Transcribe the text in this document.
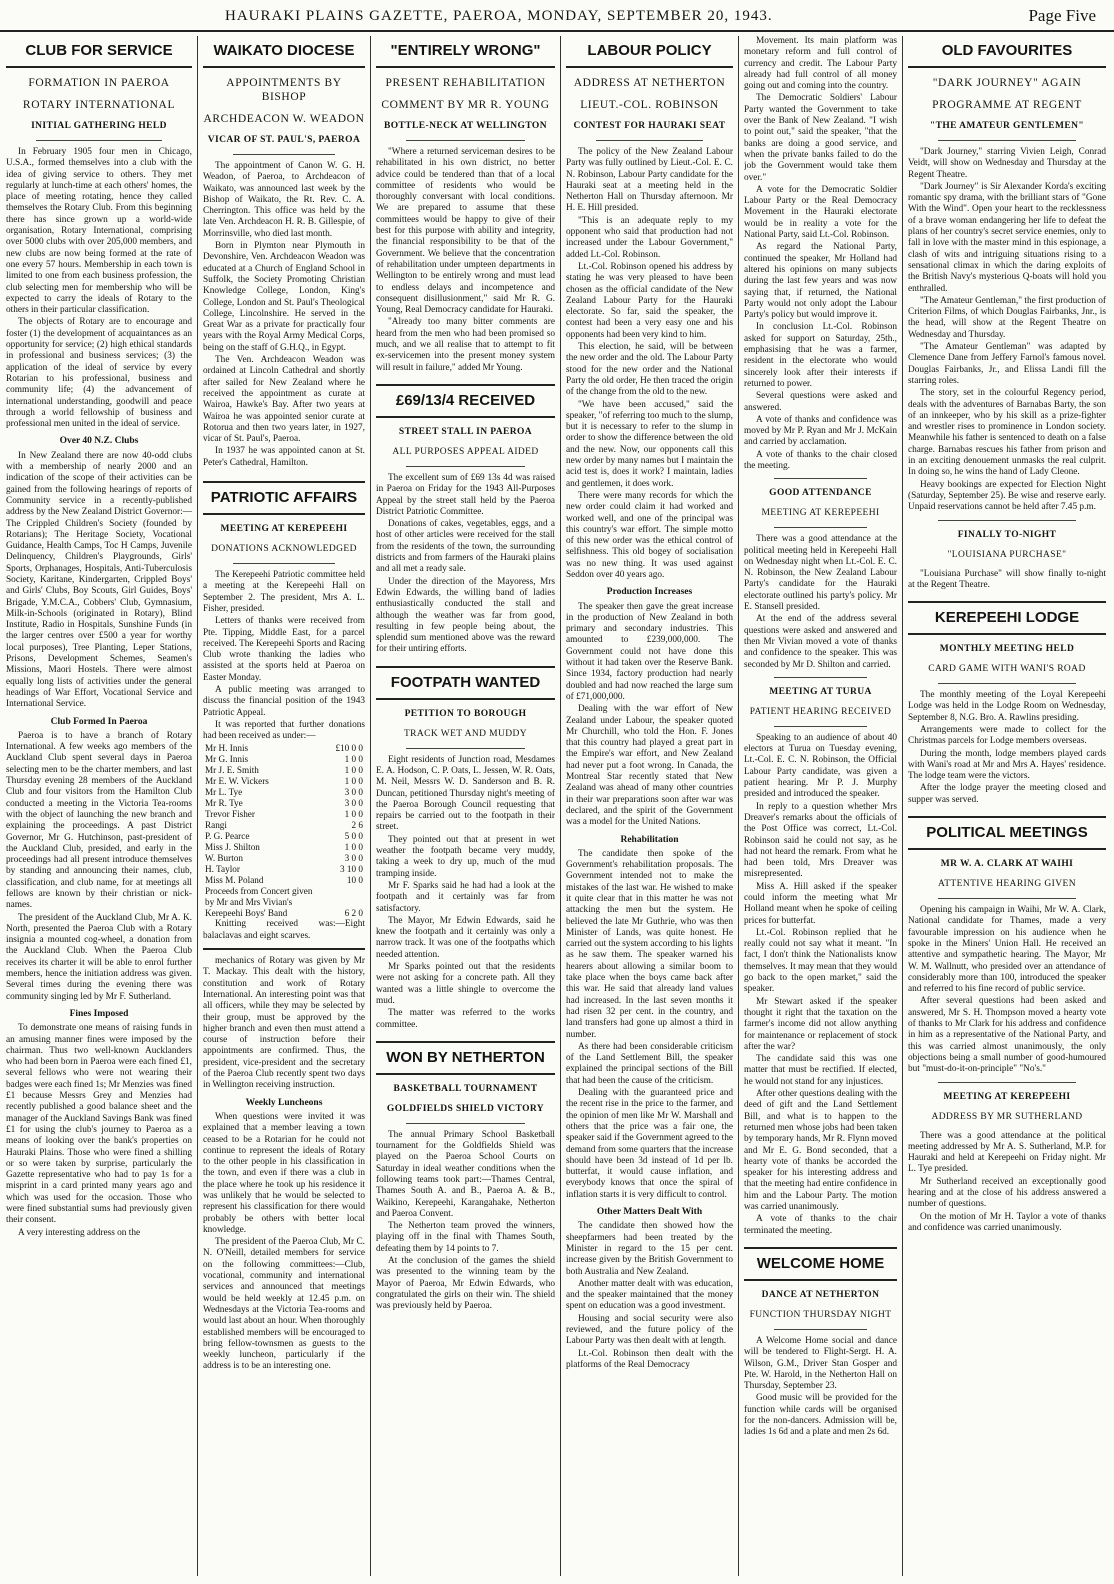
HAURAKI PLAINS GAZETTE, PAEROA, MONDAY, SEPTEMBER 20, 1943.	Page Five
CLUB FOR SERVICE
FORMATION IN PAEROA
ROTARY INTERNATIONAL
INITIAL GATHERING HELD

In February 1905 four men in Chicago, U.S.A., formed themselves into a club with the idea of giving service to others. They met regularly at lunch-time at each others' homes, the place of meeting rotating, hence they called themselves the Rotary Club. From this beginning there has since grown up a world-wide organisation, Rotary International, comprising over 5000 clubs with over 205,000 members, and new clubs are now being formed at the rate of one every 57 hours. Membership in each town is limited to one from each business profession, the club selecting men for membership who will be expected to carry the ideals of Rotary to the others in their particular classification.

The objects of Rotary are to encourage and foster (1) the development of acquaintances as an opportunity for service; (2) high ethical standards in professional and business services; (3) the application of the ideal of service by every Rotarian to his professional, business and community life; (4) the advancement of international understanding, goodwill and peace through a world fellowship of business and professional men united in the ideal of service.

Over 40 N.Z. Clubs

In New Zealand there are now 40-odd clubs with a membership of nearly 2000 and an indication of the scope of their activities can be gained from the following hearings of reports of Community service in a recently-published address by the New Zealand District Governor:—The Crippled Children's Society (founded by Rotarians); The Heritage Society, Vocational Guidance, Health Camps, Toc H Camps, Juvenile Delinquency, Children's Playgrounds, Girls' Sports, Orphanages, Hospitals, Anti-Tuberculosis Society, Karitane, Kindergarten, Crippled Boys' and Girls' Clubs, Boy Scouts, Girl Guides, Boys' Brigade, Y.M.C.A., Cobbers' Club, Gymnasium, Milk-in-Schools (originated in Rotary), Blind Institute, Radio in Hospitals, Sunshine Funds (in the larger centres over £500 a year for worthy local purposes), Tree Planting, Leper Stations, Prisons, Development Schemes, Seamen's Missions, Maori Hostels. There were almost equally long lists of activities under the general headings of War Effort, Vocational Service and International Service.

Club Formed In Paeroa

Paeroa is to have a branch of Rotary International. A few weeks ago members of the Auckland Club spent several days in Paeroa selecting men to be the charter members, and last Thursday evening 28 members of the Auckland Club and four visitors from the Hamilton Club conducted a meeting in the Victoria Tea-rooms with the object of launching the new branch and explaining the proceedings. A past District Governor, Mr G. Hutchinson, past-president of the Auckland Club, presided, and early in the proceedings had all present introduce themselves by standing and announcing their names, club, classification, and club name, for at meetings all fellows are known by their christian or nick-names.

The president of the Auckland Club, Mr A. K. North, presented the Paeroa Club with a Rotary insignia a mounted cog-wheel, a donation from the Auckland Club. When the Paeroa Club receives its charter it will be able to enrol further members, hence the initiation address was given. Several times during the evening there was community singing led by Mr F. Sutherland.

Fines Imposed

To demonstrate one means of raising funds in an amusing manner fines were imposed by the chairman. Thus two well-known Aucklanders who had been born in Paeroa were each fined £1, several fellows who were not wearing their badges were each fined 1s; Mr Menzies was fined £1 because Messrs Grey and Menzies had recently published a good balance sheet and the manager of the Auckland Savings Bank was fined £1 for using the club's journey to Paeroa as a means of looking over the bank's properties on Hauraki Plains. Those who were fined a shilling or so were taken by surprise, particularly the Gazette representative who had to pay 1s for a misprint in a card printed many years ago and which was used for the occasion. Those who were fined substantial sums had previously given their consent.

A very interesting address on the

WAIKATO DIOCESE
APPOINTMENTS BY BISHOP
ARCHDEACON W. WEADON
VICAR OF ST. PAUL'S, PAEROA

The appointment of Canon W. G. H. Weadon, of Paeroa, to Archdeacon of Waikato, was announced last week by the Bishop of Waikato, the Rt. Rev. C. A. Cherrington. This office was held by the late Ven. Archdeacon H. R. B. Gillespie, of Morrinsville, who died last month.

Born in Plymton near Plymouth in Devonshire, Ven. Archdeacon Weadon was educated at a Church of England School in Suffolk, the Society Promoting Christian Knowledge College, London, King's College, London and St. Paul's Theological College, Lincolnshire. He served in the Great War as a private for practically four years with the Royal Army Medical Corps, being on the staff of G.H.Q., in Egypt.

The Ven. Archdeacon Weadon was ordained at Lincoln Cathedral and shortly after sailed for New Zealand where he received the appointment as curate at Wairoa, Hawke's Bay. After two years at Wairoa he was appointed senior curate at Rotorua and then two years later, in 1927, vicar of St. Paul's, Paeroa.

In 1937 he was appointed canon at St. Peter's Cathedral, Hamilton.

PATRIOTIC AFFAIRS
MEETING AT KEREPEEHI
DONATIONS ACKNOWLEDGED

The Kerepeehi Patriotic committee held a meeting at the Kerepeehi Hall on September 2. The president, Mrs A. L. Fisher, presided.

Letters of thanks were received from Pte. Tipping, Middle East, for a parcel received. The Kerepeehi Sports and Racing Club wrote thanking the ladies who assisted at the sports held at Paeroa on Easter Monday.

A public meeting was arranged to discuss the financial position of the 1943 Patriotic Appeal.

It was reported that further donations had been received as under:—

Mr H. Innis	£10 0 0
Mr G. Innis	1 0 0
Mr J. E. Smith	1 0 0
Mr E. W. Vickers	1 0 0
Mr L. Tye	3 0 0
Mr R. Tye	3 0 0
Trevor Fisher	1 0 0
Rangi	2 6
P. G. Pearce	5 0 0
Miss J. Shilton	1 0 0
W. Burton	3 0 0
H. Taylor	3 10 0
Miss M. Poland	10 0
Proceeds from Concert given by Mr and Mrs Vivian's Kerepeehi Boys' Band	6 2 0

Knitting received was:—Eight balaclavas and eight scarves.

mechanics of Rotary was given by Mr T. Mackay. This dealt with the history, constitution and work of Rotary International. An interesting point was that all officers, while they may be selected by their group, must be approved by the higher branch and even then must attend a course of instruction before their appointments are confirmed. Thus, the president, vice-president and the secretary of the Paeroa Club recently spent two days in Wellington receiving instruction.

Weekly Luncheons

When questions were invited it was explained that a member leaving a town ceased to be a Rotarian for he could not continue to represent the ideals of Rotary to the other people in his classification in the town, and even if there was a club in the place where he took up his residence it was unlikely that he would be selected to represent his classification for there would probably be others with better local knowledge.

The president of the Paeroa Club, Mr C. N. O'Neill, detailed members for service on the following committees:—Club, vocational, community and international services and announced that meetings would be held weekly at 12.45 p.m. on Wednesdays at the Victoria Tea-rooms and would last about an hour. When thoroughly established members will be encouraged to bring fellow-townsmen as guests to the weekly luncheon, particularly if the address is to be an interesting one.

"ENTIRELY WRONG"
PRESENT REHABILITATION
COMMENT BY MR R. YOUNG
BOTTLE-NECK AT WELLINGTON

"Where a returned serviceman desires to be rehabilitated in his own district, no better advice could be tendered than that of a local committee of residents who would be thoroughly conversant with local conditions. We are prepared to assume that these committees would be happy to give of their best for this purpose with ability and integrity, the financial responsibility to be that of the Government. We believe that the concentration of rehabilitation under umpteen departments in Wellington to be entirely wrong and must lead to endless delays and incompetence and consequent disillusionment," said Mr R. G. Young, Real Democracy candidate for Hauraki.

"Already too many bitter comments are heard from the men who had been promised so much, and we all realise that to attempt to fit ex-servicemen into the present money system will result in failure," added Mr Young.

£69/13/4 RECEIVED
STREET STALL IN PAEROA
ALL PURPOSES APPEAL AIDED

The excellent sum of £69 13s 4d was raised in Paeroa on Friday for the 1943 All-Purposes Appeal by the street stall held by the Paeroa District Patriotic Committee.

Donations of cakes, vegetables, eggs, and a host of other articles were received for the stall from the residents of the town, the surrounding districts and from farmers of the Hauraki plains and all met a ready sale.

Under the direction of the Mayoress, Mrs Edwin Edwards, the willing band of ladies enthusiastically conducted the stall and although the weather was far from good, resulting in few people being about, the splendid sum mentioned above was the reward for their untiring efforts.

FOOTPATH WANTED
PETITION TO BOROUGH
TRACK WET AND MUDDY

Eight residents of Junction road, Mesdames E. A. Hodson, C. P. Oats, L. Jessen, W. R. Oats, M. Neil, Messrs W. D. Sanderson and B. R. Duncan, petitioned Thursday night's meeting of the Paeroa Borough Council requesting that repairs be carried out to the footpath in their street.

They pointed out that at present in wet weather the footpath became very muddy, taking a week to dry up, much of the mud tramping inside.

Mr F. Sparks said he had had a look at the footpath and it certainly was far from satisfactory.

The Mayor, Mr Edwin Edwards, said he knew the footpath and it certainly was only a narrow track. It was one of the footpaths which needed attention.

Mr Sparks pointed out that the residents were not asking for a concrete path. All they wanted was a little shingle to overcome the mud.

The matter was referred to the works committee.

WON BY NETHERTON
BASKETBALL TOURNAMENT
GOLDFIELDS SHIELD VICTORY

The annual Primary School Basketball tournament for the Goldfields Shield was played on the Paeroa School Courts on Saturday in ideal weather conditions when the following teams took part:—Thames Central, Thames South A. and B., Paeroa A. & B., Waikino, Kerepeehi, Karangahake, Netherton and Paeroa Convent.

The Netherton team proved the winners, playing off in the final with Thames South, defeating them by 14 points to 7.

At the conclusion of the games the shield was presented to the winning team by the Mayor of Paeroa, Mr Edwin Edwards, who congratulated the girls on their win. The shield was previously held by Paeroa.

LABOUR POLICY
ADDRESS AT NETHERTON
LIEUT.-COL. ROBINSON
CONTEST FOR HAURAKI SEAT

The policy of the New Zealand Labour Party was fully outlined by Lieut.-Col. E. C. N. Robinson, Labour Party candidate for the Hauraki seat at a meeting held in the Netherton Hall on Thursday afternoon. Mr H. E. Hill presided.

"This is an adequate reply to my opponent who said that production had not increased under the Labour Government," added Lt.-Col. Robinson.

Lt.-Col. Robinson opened his address by stating he was very pleased to have been chosen as the official candidate of the New Zealand Labour Party for the Hauraki electorate. So far, said the speaker, the contest had been a very easy one and his opponents had been very kind to him.

This election, he said, will be between the new order and the old. The Labour Party stood for the new order and the National Party the old order, He then traced the origin of the change from the old to the new.

"We have been accused," said the speaker, "of referring too much to the slump, but it is necessary to refer to the slump in order to show the difference between the old and the new. Now, our opponents call this new order by many names but I maintain the acid test is, does it work? I maintain, ladies and gentlemen, it does work.

There were many records for which the new order could claim it had worked and worked well, and one of the principal was this country's war effort. The simple motto of this new order was the ethical control of selfishness. This old bogey of socialisation was no new thing. It was used against Seddon over 40 years ago.

Production Increases

The speaker then gave the great increase in the production of New Zealand in both primary and secondary industries. This amounted to £239,000,000. The Government could not have done this without it had taken over the Reserve Bank. Since 1934, factory production had nearly doubled and had now reached the large sum of £71,000,000.

Dealing with the war effort of New Zealand under Labour, the speaker quoted Mr Churchill, who told the Hon. F. Jones that this country had played a great part in the Empire's war effort, and New Zealand had never put a foot wrong. In Canada, the Montreal Star recently stated that New Zealand was ahead of many other countries in their war preparations soon after war was declared, and the spirit of the Government was a model for the United Nations.

Rehabilitation

The candidate then spoke of the Government's rehabilitation proposals. The Government intended not to make the mistakes of the last war. He wished to make it quite clear that in this matter he was not attacking the men but the system. He believed the late Mr Guthrie, who was then Minister of Lands, was quite honest. He carried out the system according to his lights as he saw them. The speaker warned his hearers about allowing a similar boom to take place when the boys came back after this war. He said that already land values had increased. In the last seven months it had risen 32 per cent. in the country, and land transfers had gone up almost a third in number.

As there had been considerable criticism of the Land Settlement Bill, the speaker explained the principal sections of the Bill that had been the cause of the criticism.

Dealing with the guaranteed price and the recent rise in the price to the farmer, and the opinion of men like Mr W. Marshall and others that the price was a fair one, the speaker said if the Government agreed to the demand from some quarters that the increase should have been 3d instead of 1d per lb. butterfat, it would cause inflation, and everybody knows that once the spiral of inflation starts it is very difficult to control.

Other Matters Dealt With

The candidate then showed how the sheepfarmers had been treated by the Minister in regard to the 15 per cent. increase given by the British Government to both Australia and New Zealand.

Another matter dealt with was education, and the speaker maintained that the money spent on education was a good investment.

Housing and social security were also reviewed, and the future policy of the Labour Party was then dealt with at length.

Lt.-Col. Robinson then dealt with the platforms of the Real Democracy

Movement. Its main platform was monetary reform and full control of currency and credit. The Labour Party already had full control of all money going out and coming into the country.

The Democratic Soldiers' Labour Party wanted the Government to take over the Bank of New Zealand. "I wish to point out," said the speaker, "that the banks are doing a good service, and when the private banks failed to do the job the Government would take them over."

A vote for the Democratic Soldier Labour Party or the Real Democracy Movement in the Hauraki electorate would be in reality a vote for the National Party, said Lt.-Col. Robinson.

As regard the National Party, continued the speaker, Mr Holland had altered his opinions on many subjects during the last few years and was now saying that, if returned, the National Party would not only adopt the Labour Party's policy but would improve it.

In conclusion Lt.-Col. Robinson asked for support on Saturday, 25th., emphasising that he was a farmer, resident in the electorate who would sincerely look after their interests if returned to power.

Several questions were asked and answered.

A vote of thanks and confidence was moved by Mr P. Ryan and Mr J. McKain and carried by acclamation.

A vote of thanks to the chair closed the meeting.

GOOD ATTENDANCE
MEETING AT KEREPEEHI

There was a good attendance at the political meeting held in Kerepeehi Hall on Wednesday night when Lt.-Col. E. C. N. Robinson, the New Zealand Labour Party's candidate for the Hauraki electorate outlined his party's policy. Mr E. Stansell presided.

At the end of the address several questions were asked and answered and then Mr Vivian moved a vote of thanks and confidence to the speaker. This was seconded by Mr D. Shilton and carried.

MEETING AT TURUA
PATIENT HEARING RECEIVED

Speaking to an audience of about 40 electors at Turua on Tuesday evening, Lt.-Col. E. C. N. Robinson, the Official Labour Party candidate, was given a patient hearing. Mr P. J. Murphy presided and introduced the speaker.

In reply to a question whether Mrs Dreaver's remarks about the officials of the Post Office was correct, Lt.-Col. Robinson said he could not say, as he had not heard the remark. From what he had been told, Mrs Dreaver was misrepresented.

Miss A. Hill asked if the speaker could inform the meeting what Mr Holland meant when he spoke of ceiling prices for butterfat.

Lt.-Col. Robinson replied that he really could not say what it meant. "In fact, I don't think the Nationalists know themselves. It may mean that they would go back to the open market," said the speaker.

Mr Stewart asked if the speaker thought it right that the taxation on the farmer's income did not allow anything for maintenance or replacement of stock after the war?

The candidate said this was one matter that must be rectified. If elected, he would not stand for any injustices.

After other questions dealing with the deed of gift and the Land Settlement Bill, and what is to happen to the returned men whose jobs had been taken by temporary hands, Mr R. Flynn moved and Mr E. G. Bond seconded, that a hearty vote of thanks be accorded the speaker for his interesting address and that the meeting had entire confidence in him and the Labour Party. The motion was carried unanimously.

A vote of thanks to the chair terminated the meeting.

WELCOME HOME
DANCE AT NETHERTON
FUNCTION THURSDAY NIGHT

A Welcome Home social and dance will be tendered to Flight-Sergt. H. A. Wilson, G.M., Driver Stan Gosper and Pte. W. Harold, in the Netherton Hall on Thursday, September 23.

Good music will be provided for the function while cards will be organised for the non-dancers. Admission will be, ladies 1s 6d and a plate and men 2s 6d.

OLD FAVOURITES
"DARK JOURNEY" AGAIN
PROGRAMME AT REGENT
"THE AMATEUR GENTLEMEN"

"Dark Journey," starring Vivien Leigh, Conrad Veidt, will show on Wednesday and Thursday at the Regent Theatre.

"Dark Journey" is Sir Alexander Korda's exciting romantic spy drama, with the brilliant stars of "Gone With the Wind". Open your heart to the recklessness of a brave woman endangering her life to defeat the plans of her country's secret service enemies, only to fall in love with the master mind in this espionage, a clash of wits and intriguing situations rising to a sensational climax in which the daring exploits of the British Navy's mysterious Q-boats will hold you enthralled.

"The Amateur Gentleman," the first production of Criterion Films, of which Douglas Fairbanks, Jnr., is the head, will show at the Regent Theatre on Wednesday and Thursday.

"The Amateur Gentleman" was adapted by Clemence Dane from Jeffery Farnol's famous novel. Douglas Fairbanks, Jr., and Elissa Landi fill the starring roles.

The story, set in the colourful Regency period, deals with the adventures of Barnabas Barty, the son of an innkeeper, who by his skill as a prize-fighter and wrestler rises to prominence in London society. Meanwhile his father is sentenced to death on a false charge. Barnabas rescues his father from prison and in an exciting denouement unmasks the real culprit. In doing so, he wins the hand of Lady Cleone.

Heavy bookings are expected for Election Night (Saturday, September 25). Be wise and reserve early. Unpaid reservations cannot be held after 7.45 p.m.

FINALLY TO-NIGHT
"LOUISIANA PURCHASE"

"Louisiana Purchase" will show finally to-night at the Regent Theatre.

KEREPEEHI LODGE
MONTHLY MEETING HELD
CARD GAME WITH WANI'S ROAD

The monthly meeting of the Loyal Kerepeehi Lodge was held in the Lodge Room on Wednesday, September 8, N.G. Bro. A. Rawlins presiding.

Arrangements were made to collect for the Christmas parcels for Lodge members overseas.

During the month, lodge members played cards with Wani's road at Mr and Mrs A. Hayes' residence. The lodge team were the victors.

After the lodge prayer the meeting closed and supper was served.

POLITICAL MEETINGS
MR W. A. CLARK AT WAIHI
ATTENTIVE HEARING GIVEN

Opening his campaign in Waihi, Mr W. A. Clark, National candidate for Thames, made a very favourable impression on his audience when he spoke in the Miners' Union Hall. He received an attentive and sympathetic hearing. The Mayor, Mr W. M. Wallnutt, who presided over an attendance of considerably more than 100, introduced the speaker and referred to his fine record of public service.

After several questions had been asked and answered, Mr S. H. Thompson moved a hearty vote of thanks to Mr Clark for his address and confidence in him as a representative of the National Party, and this was carried almost unanimously, the only objections being a small number of good-humoured but "must-do-it-on-principle" "No's."

MEETING AT KEREPEEHI
ADDRESS BY MR SUTHERLAND

There was a good attendance at the political meeting addressed by Mr A. S. Sutherland, M.P. for Hauraki and held at Kerepeehi on Friday night. Mr L. Tye presided.

Mr Sutherland received an exceptionally good hearing and at the close of his address answered a number of questions.

On the motion of Mr H. Taylor a vote of thanks and confidence was carried unanimously.
